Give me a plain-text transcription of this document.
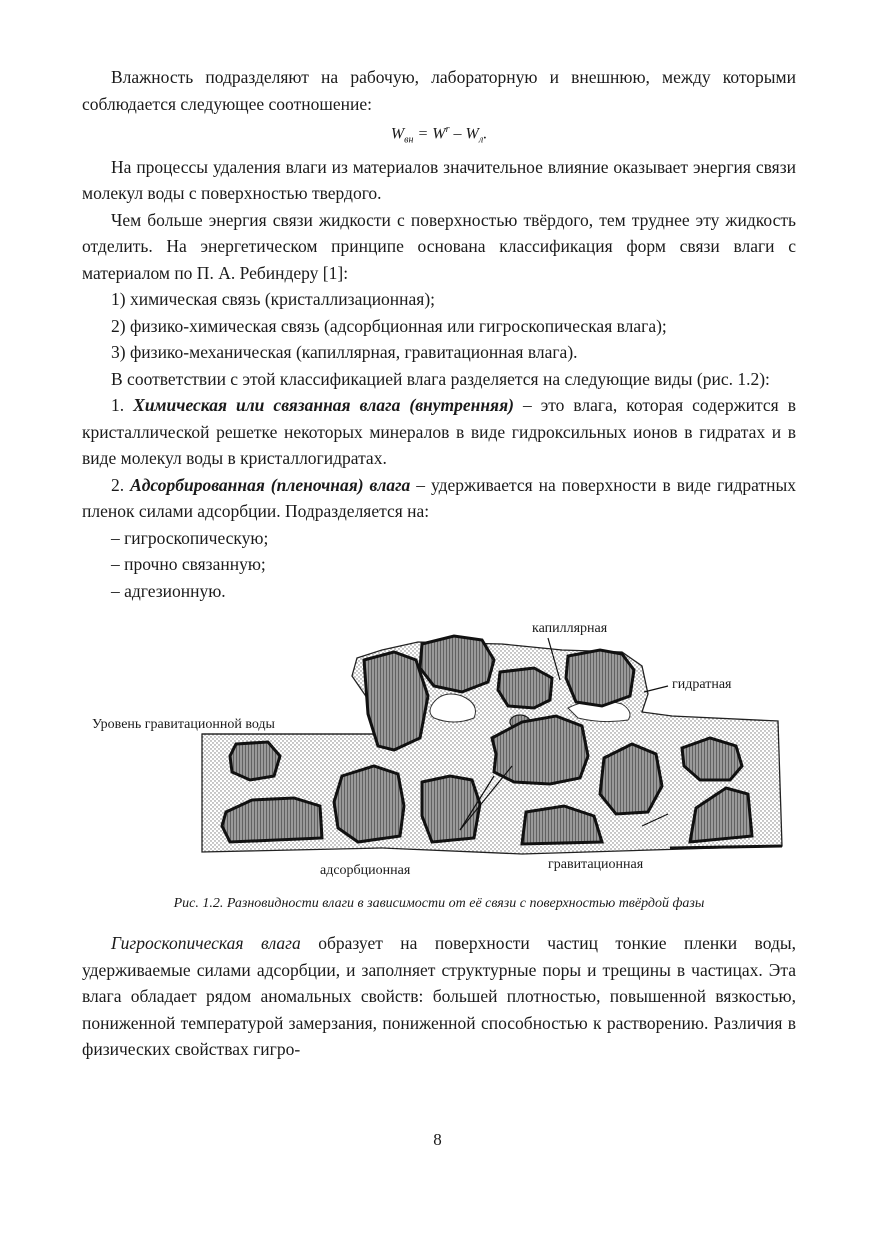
Влажность подразделяют на рабочую, лабораторную и внешнюю, между которыми соблюдается следующее соотношение:

$W_{вн} = W^r - W_л$.

На процессы удаления влаги из материалов значительное влияние оказывает энергия связи молекул воды с поверхностью твердого.

Чем больше энергия связи жидкости с поверхностью твёрдого, тем труднее эту жидкость отделить. На энергетическом принципе основана классификация форм связи влаги с материалом по П. А. Ребиндеру [1]:

1) химическая связь (кристаллизационная);

2) физико-химическая связь (адсорбционная или гигроскопическая влага);

3) физико-механическая (капиллярная, гравитационная влага).

В соответствии с этой классификацией влага разделяется на следующие виды (рис. 1.2):

1. Химическая или связанная влага (внутренняя) – это влага, которая содержится в кристаллической решетке некоторых минералов в виде гидроксильных ионов в гидратах и в виде молекул воды в кристаллогидратах.

2. Адсорбированная (пленочная) влага – удерживается на поверхности в виде гидратных пленок силами адсорбции. Подразделяется на:

– гигроскопическую;

– прочно связанную;

– адгезионную.

капиллярная
гидратная
Уровень гравитационной воды
адсорбционная	гравитационная

Рис. 1.2. Разновидности влаги в зависимости от её связи с поверхностью твёрдой фазы

Гигроскопическая влага образует на поверхности частиц тонкие пленки воды, удерживаемые силами адсорбции, и заполняет структурные поры и трещины в частицах. Эта влага обладает рядом аномальных свойств: большей плотностью, повышенной вязкостью, пониженной температурой замерзания, пониженной способностью к растворению. Различия в физических свойствах гигро-

8
